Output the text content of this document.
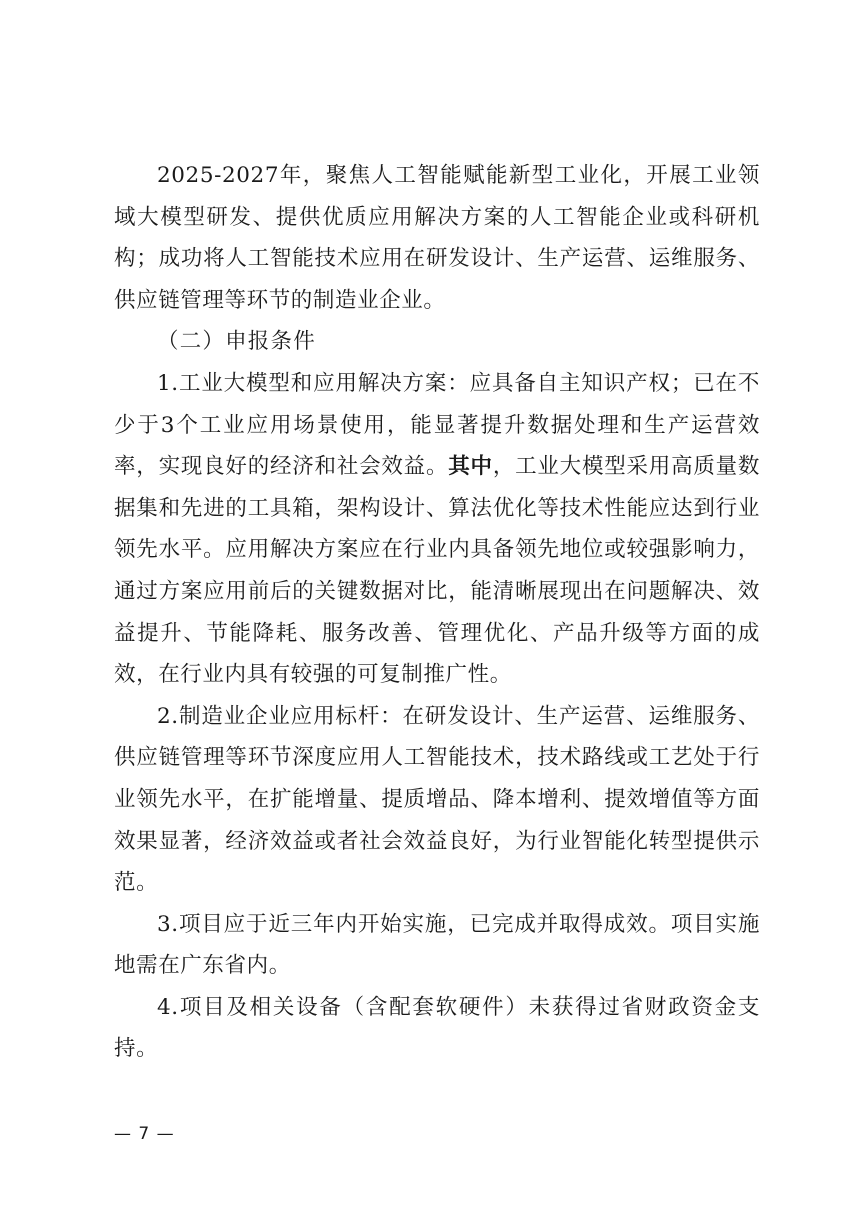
2025-2027年，聚焦人工智能赋能新型工业化，开展工业领域大模型研发、提供优质应用解决方案的人工智能企业或科研机构；成功将人工智能技术应用在研发设计、生产运营、运维服务、供应链管理等环节的制造业企业。

（二）申报条件

1.工业大模型和应用解决方案：应具备自主知识产权；已在不少于3个工业应用场景使用，能显著提升数据处理和生产运营效率，实现良好的经济和社会效益。其中，工业大模型采用高质量数据集和先进的工具箱，架构设计、算法优化等技术性能应达到行业领先水平。应用解决方案应在行业内具备领先地位或较强影响力，通过方案应用前后的关键数据对比，能清晰展现出在问题解决、效益提升、节能降耗、服务改善、管理优化、产品升级等方面的成效，在行业内具有较强的可复制推广性。

2.制造业企业应用标杆：在研发设计、生产运营、运维服务、供应链管理等环节深度应用人工智能技术，技术路线或工艺处于行业领先水平，在扩能增量、提质增品、降本增利、提效增值等方面效果显著，经济效益或者社会效益良好，为行业智能化转型提供示范。

3.项目应于近三年内开始实施，已完成并取得成效。项目实施地需在广东省内。

4.项目及相关设备（含配套软硬件）未获得过省财政资金支持。

— 7 —
